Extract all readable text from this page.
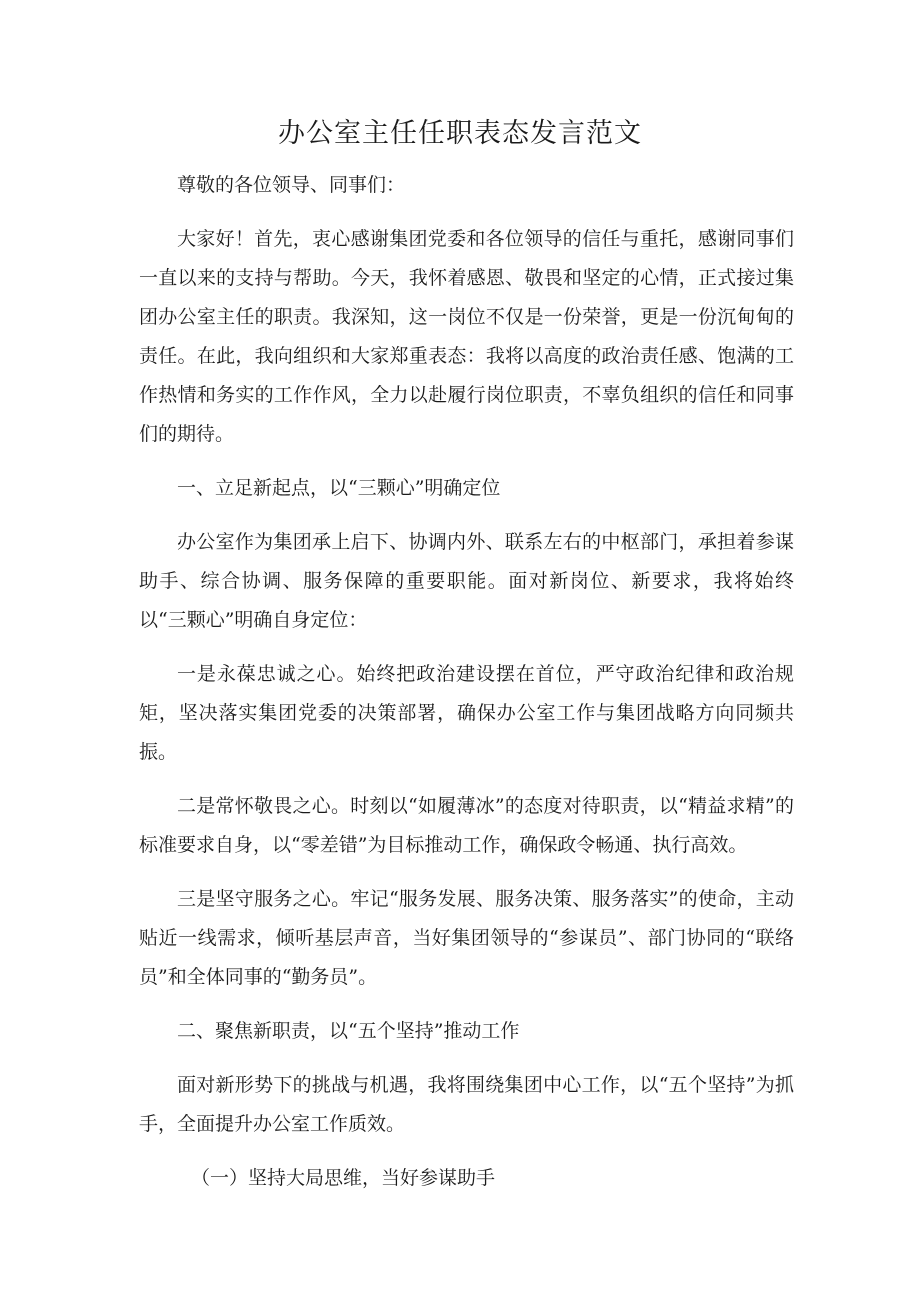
办公室主任任职表态发言范文

尊敬的各位领导、同事们：

大家好！首先，衷心感谢集团党委和各位领导的信任与重托，感谢同事们一直以来的支持与帮助。今天，我怀着感恩、敬畏和坚定的心情，正式接过集团办公室主任的职责。我深知，这一岗位不仅是一份荣誉，更是一份沉甸甸的责任。在此，我向组织和大家郑重表态：我将以高度的政治责任感、饱满的工作热情和务实的工作作风，全力以赴履行岗位职责，不辜负组织的信任和同事们的期待。

一、立足新起点，以“三颗心”明确定位

办公室作为集团承上启下、协调内外、联系左右的中枢部门，承担着参谋助手、综合协调、服务保障的重要职能。面对新岗位、新要求，我将始终以“三颗心”明确自身定位：

一是永葆忠诚之心。始终把政治建设摆在首位，严守政治纪律和政治规矩，坚决落实集团党委的决策部署，确保办公室工作与集团战略方向同频共振。

二是常怀敬畏之心。时刻以“如履薄冰”的态度对待职责，以“精益求精”的标准要求自身，以“零差错”为目标推动工作，确保政令畅通、执行高效。

三是坚守服务之心。牢记“服务发展、服务决策、服务落实”的使命，主动贴近一线需求，倾听基层声音，当好集团领导的“参谋员”、部门协同的“联络员”和全体同事的“勤务员”。

二、聚焦新职责，以“五个坚持”推动工作

面对新形势下的挑战与机遇，我将围绕集团中心工作，以“五个坚持”为抓手，全面提升办公室工作质效。

（一）坚持大局思维，当好参谋助手
